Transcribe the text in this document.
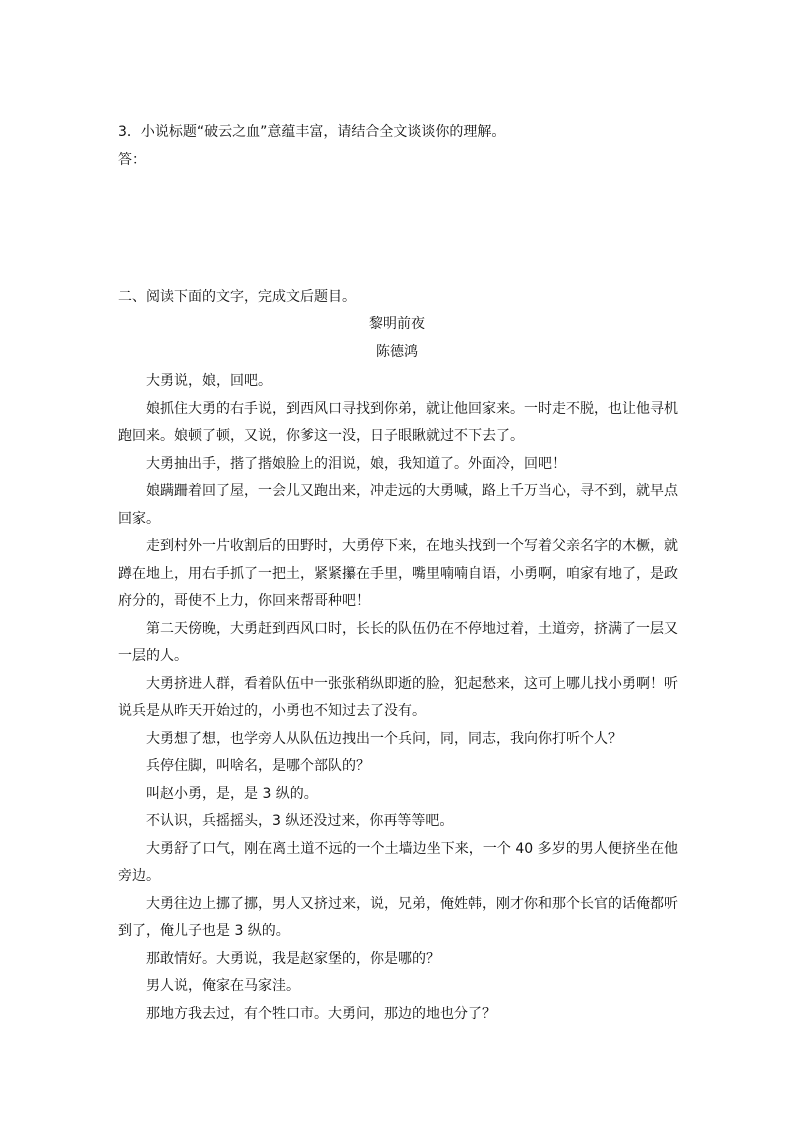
3．小说标题“破云之血”意蕴丰富，请结合全文谈谈你的理解。
答：
二、阅读下面的文字，完成文后题目。
黎明前夜
陈德鸿

大勇说，娘，回吧。

娘抓住大勇的右手说，到西风口寻找到你弟，就让他回家来。一时走不脱，也让他寻机跑回来。娘顿了顿，又说，你爹这一没，日子眼瞅就过不下去了。

大勇抽出手，揩了揩娘脸上的泪说，娘，我知道了。外面冷，回吧！

娘蹒跚着回了屋，一会儿又跑出来，冲走远的大勇喊，路上千万当心，寻不到，就早点回家。

走到村外一片收割后的田野时，大勇停下来，在地头找到一个写着父亲名字的木橛，就蹲在地上，用右手抓了一把土，紧紧攥在手里，嘴里喃喃自语，小勇啊，咱家有地了，是政府分的，哥使不上力，你回来帮哥种吧！

第二天傍晚，大勇赶到西风口时，长长的队伍仍在不停地过着，土道旁，挤满了一层又一层的人。

大勇挤进人群，看着队伍中一张张稍纵即逝的脸，犯起愁来，这可上哪儿找小勇啊！听说兵是从昨天开始过的，小勇也不知过去了没有。

大勇想了想，也学旁人从队伍边拽出一个兵问，同，同志，我向你打听个人？

兵停住脚，叫啥名，是哪个部队的？

叫赵小勇，是，是 3 纵的。

不认识，兵摇摇头，3 纵还没过来，你再等等吧。

大勇舒了口气，刚在离土道不远的一个土墙边坐下来，一个 40 多岁的男人便挤坐在他旁边。

大勇往边上挪了挪，男人又挤过来，说，兄弟，俺姓韩，刚才你和那个长官的话俺都听到了，俺儿子也是 3 纵的。

那敢情好。大勇说，我是赵家堡的，你是哪的？

男人说，俺家在马家洼。

那地方我去过，有个牲口市。大勇问，那边的地也分了？
